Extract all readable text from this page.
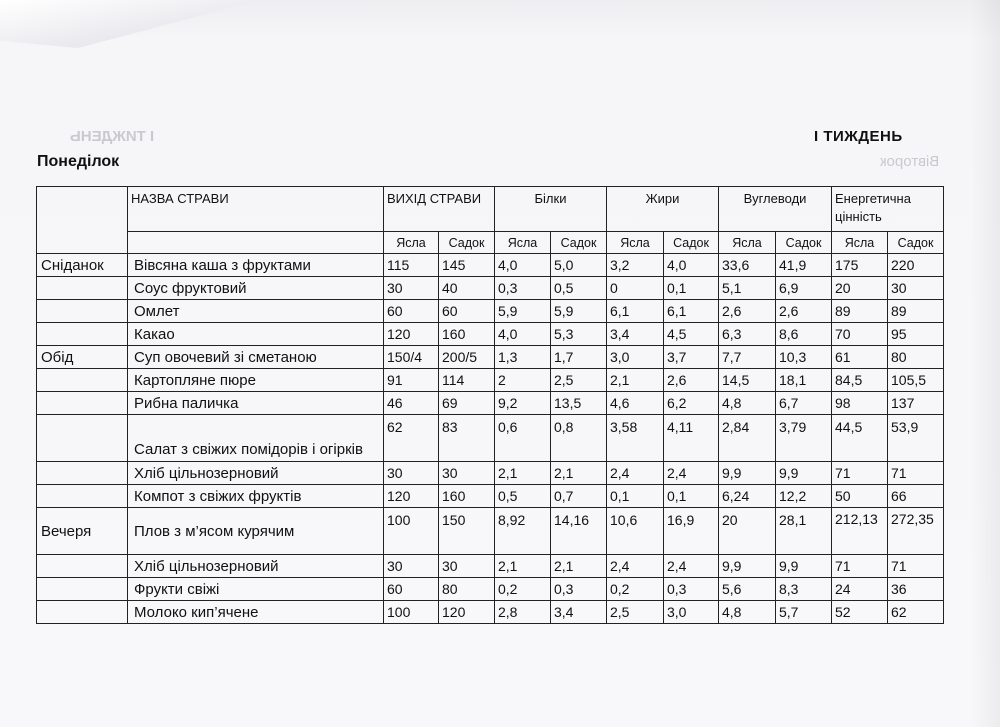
І ТИЖДЕНЬ
Вівторок
І ТИЖДЕНЬ
Понеділок
	НАЗВА СТРАВИ	ВИХІД СТРАВИ		Білки		Жири		Вуглеводи		Енергетична цінність	
		Ясла	Садок	Ясла	Садок	Ясла	Садок	Ясла	Садок	Ясла	Садок
Сніданок	Вівсяна каша з фруктами	115	145	4,0	5,0	3,2	4,0	33,6	41,9	175	220
	Соус фруктовий	30	40	0,3	0,5	0	0,1	5,1	6,9	20	30
	Омлет	60	60	5,9	5,9	6,1	6,1	2,6	2,6	89	89
	Какао	120	160	4,0	5,3	3,4	4,5	6,3	8,6	70	95
Обід	Суп овочевий зі сметаною	150/4	200/5	1,3	1,7	3,0	3,7	7,7	10,3	61	80
	Картопляне пюре	91	114	2	2,5	2,1	2,6	14,5	18,1	84,5	105,5
	Рибна паличка	46	69	9,2	13,5	4,6	6,2	4,8	6,7	98	137
	Салат з свіжих помідорів і огірків	62	83	0,6	0,8	3,58	4,11	2,84	3,79	44,5	53,9
	Хліб цільнозерновий	30	30	2,1	2,1	2,4	2,4	9,9	9,9	71	71
	Компот з свіжих фруктів	120	160	0,5	0,7	0,1	0,1	6,24	12,2	50	66
Вечеря	Плов з м’ясом курячим	100	150	8,92	14,16	10,6	16,9	20	28,1	212,13	272,35
	Хліб цільнозерновий	30	30	2,1	2,1	2,4	2,4	9,9	9,9	71	71
	Фрукти свіжі	60	80	0,2	0,3	0,2	0,3	5,6	8,3	24	36
	Молоко кип’ячене	100	120	2,8	3,4	2,5	3,0	4,8	5,7	52	62
